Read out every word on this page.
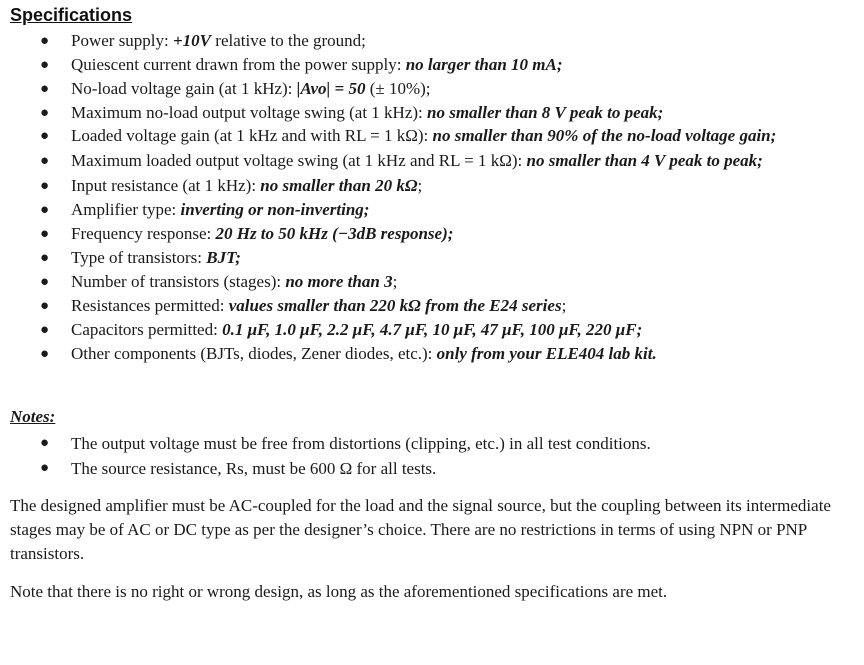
Specifications
● Power supply: +10V relative to the ground;
● Quiescent current drawn from the power supply: no larger than 10 mA;
● No-load voltage gain (at 1 kHz): |Avo| = 50 (± 10%);
● Maximum no-load output voltage swing (at 1 kHz): no smaller than 8 V peak to peak;
● Loaded voltage gain (at 1 kHz and with RL = 1 kΩ): no smaller than 90% of the no-load voltage gain;
● Maximum loaded output voltage swing (at 1 kHz and RL = 1 kΩ): no smaller than 4 V peak to peak;
● Input resistance (at 1 kHz): no smaller than 20 kΩ;
● Amplifier type: inverting or non-inverting;
● Frequency response: 20 Hz to 50 kHz (−3dB response);
● Type of transistors: BJT;
● Number of transistors (stages): no more than 3;
● Resistances permitted: values smaller than 220 kΩ from the E24 series;
● Capacitors permitted: 0.1 μF, 1.0 μF, 2.2 μF, 4.7 μF, 10 μF, 47 μF, 100 μF, 220 μF;
● Other components (BJTs, diodes, Zener diodes, etc.): only from your ELE404 lab kit.
Notes:
● The output voltage must be free from distortions (clipping, etc.) in all test conditions.
● The source resistance, Rs, must be 600 Ω for all tests.

The designed amplifier must be AC-coupled for the load and the signal source, but the coupling between its intermediate stages may be of AC or DC type as per the designer’s choice. There are no restrictions in terms of using NPN or PNP transistors.

Note that there is no right or wrong design, as long as the aforementioned specifications are met.
